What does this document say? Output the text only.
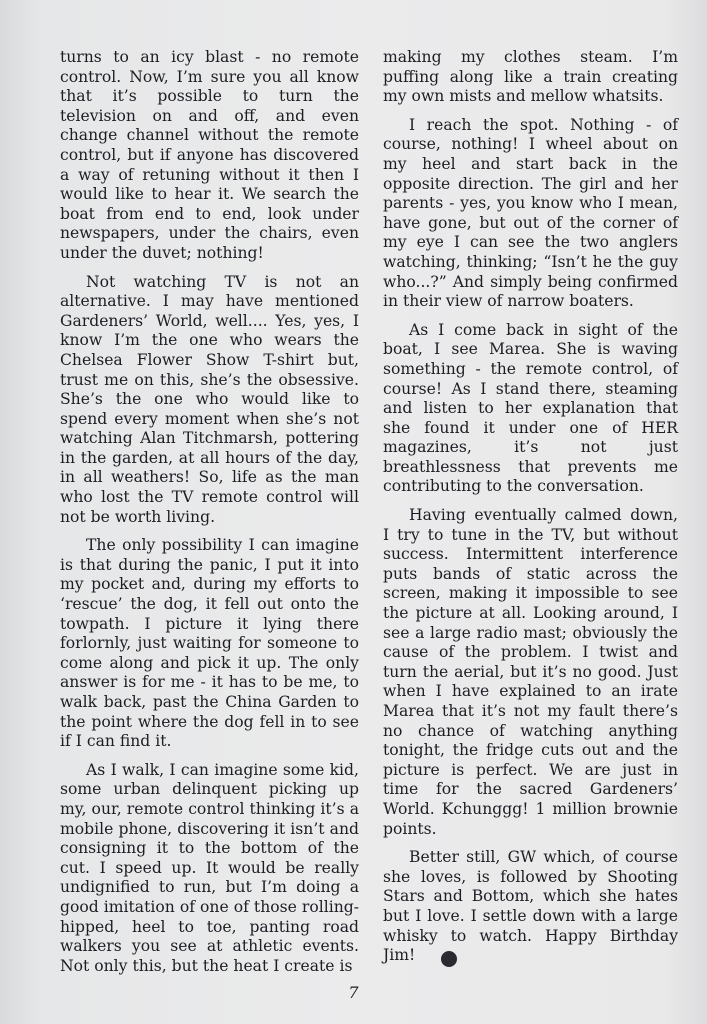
turns to an icy blast - no remote control. Now, I’m sure you all know that it’s possible to turn the television on and off, and even change channel without the remote control, but if anyone has discovered a way of retuning without it then I would like to hear it. We search the boat from end to end, look under newspapers, under the chairs, even under the duvet; nothing!

Not watching TV is not an alternative. I may have mentioned Gardeners’ World, well.... Yes, yes, I know I’m the one who wears the Chelsea Flower Show T-shirt but, trust me on this, she’s the obsessive. She’s the one who would like to spend every moment when she’s not watching Alan Titchmarsh, pottering in the garden, at all hours of the day, in all weathers! So, life as the man who lost the TV remote control will not be worth living.

The only possibility I can imagine is that during the panic, I put it into my pocket and, during my efforts to ‘rescue’ the dog, it fell out onto the towpath. I picture it lying there forlornly, just waiting for someone to come along and pick it up. The only answer is for me - it has to be me, to walk back, past the China Garden to the point where the dog fell in to see if I can find it.

As I walk, I can imagine some kid, some urban delinquent picking up my, our, remote control thinking it’s a mobile phone, discovering it isn’t and consigning it to the bottom of the cut. I speed up. It would be really undignified to run, but I’m doing a good imitation of one of those rolling-hipped, heel to toe, panting road walkers you see at athletic events. Not only this, but the heat I create is

making my clothes steam. I’m puffing along like a train creating my own mists and mellow whatsits.

I reach the spot. Nothing - of course, nothing! I wheel about on my heel and start back in the opposite direction. The girl and her parents - yes, you know who I mean, have gone, but out of the corner of my eye I can see the two anglers watching, thinking; “Isn’t he the guy who...?” And simply being confirmed in their view of narrow boaters.

As I come back in sight of the boat, I see Marea. She is waving something - the remote control, of course! As I stand there, steaming and listen to her explanation that she found it under one of HER magazines, it’s not just breathlessness that prevents me contributing to the conversation.

Having eventually calmed down, I try to tune in the TV, but without success. Intermittent interference puts bands of static across the screen, making it impossible to see the picture at all. Looking around, I see a large radio mast; obviously the cause of the problem. I twist and turn the aerial, but it’s no good. Just when I have explained to an irate Marea that it’s not my fault there’s no chance of watching anything tonight, the fridge cuts out and the picture is perfect. We are just in time for the sacred Gardeners’ World. Kchunggg! 1 million brownie points.

Better still, GW which, of course she loves, is followed by Shooting Stars and Bottom, which she hates but I love. I settle down with a large whisky to watch. Happy Birthday Jim!	S

7
